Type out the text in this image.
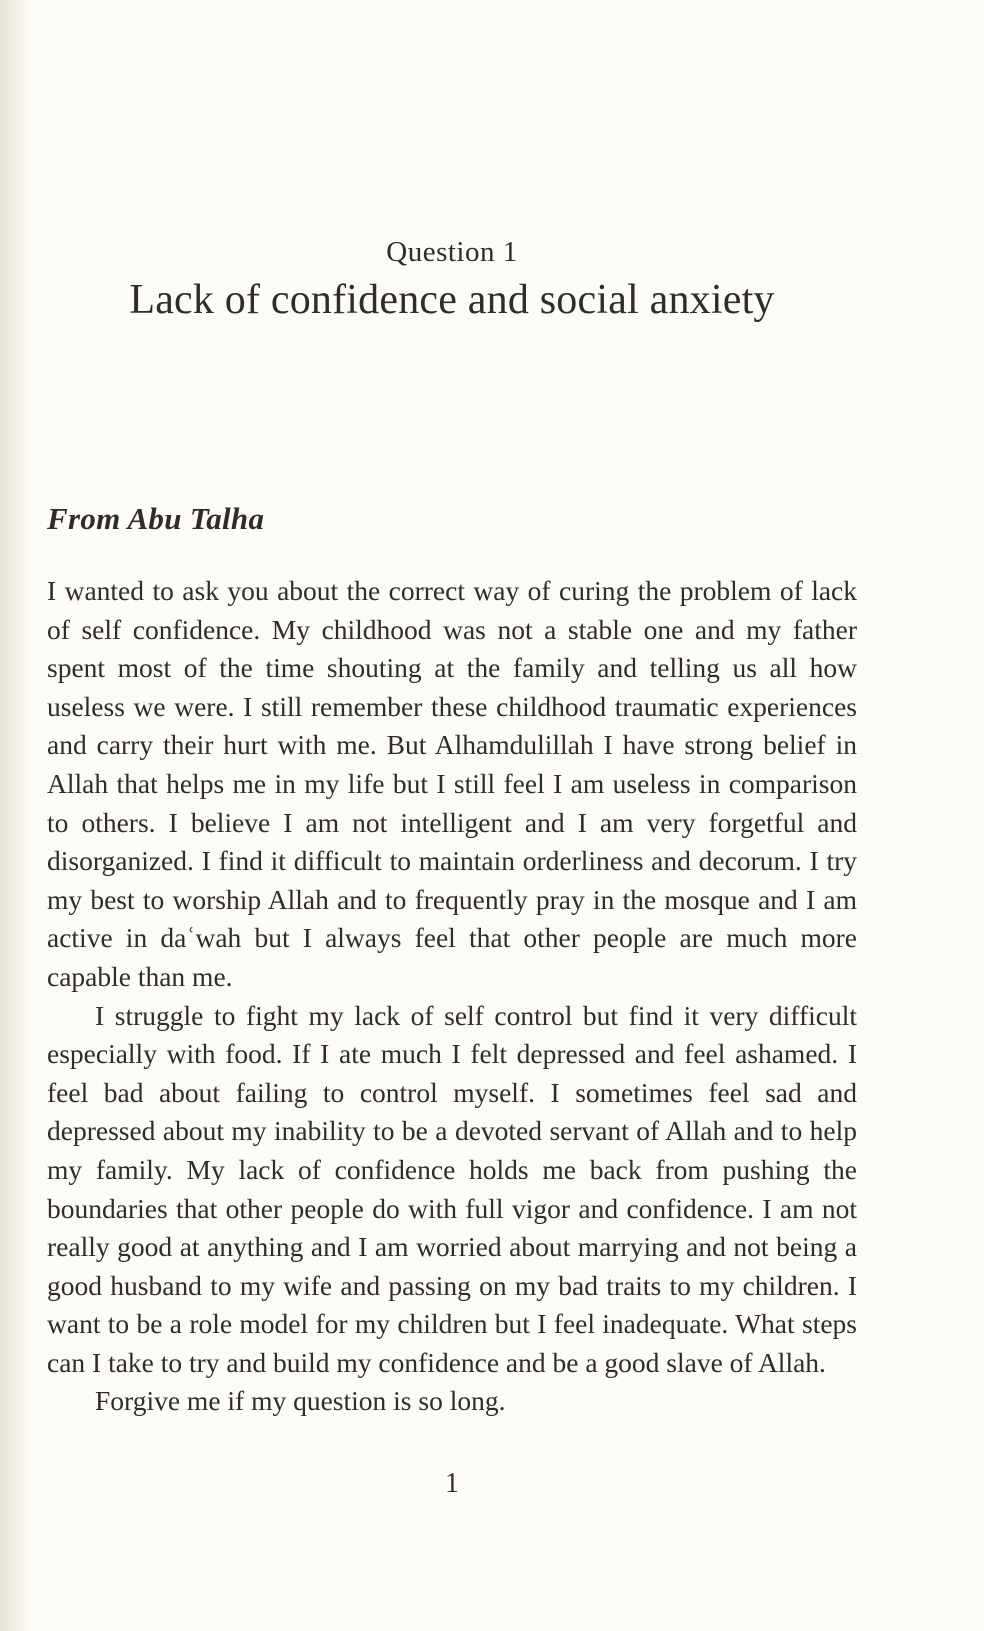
Question 1
Lack of confidence and social anxiety
From Abu Talha

I wanted to ask you about the correct way of curing the problem of lack of self confidence. My childhood was not a stable one and my father spent most of the time shouting at the family and telling us all how useless we were. I still remember these childhood traumatic experiences and carry their hurt with me. But Alhamdulillah I have strong belief in Allah that helps me in my life but I still feel I am useless in comparison to others. I believe I am not intelligent and I am very forgetful and disorganized. I find it difficult to maintain orderliness and decorum. I try my best to worship Allah and to frequently pray in the mosque and I am active in daʿwah but I always feel that other people are much more capable than me.

I struggle to fight my lack of self control but find it very difficult especially with food. If I ate much I felt depressed and feel ashamed. I feel bad about failing to control myself. I sometimes feel sad and depressed about my inability to be a devoted servant of Allah and to help my family. My lack of confidence holds me back from pushing the boundaries that other people do with full vigor and confidence. I am not really good at anything and I am worried about marrying and not being a good husband to my wife and passing on my bad traits to my children. I want to be a role model for my children but I feel inadequate. What steps can I take to try and build my confidence and be a good slave of Allah.

Forgive me if my question is so long.

1
